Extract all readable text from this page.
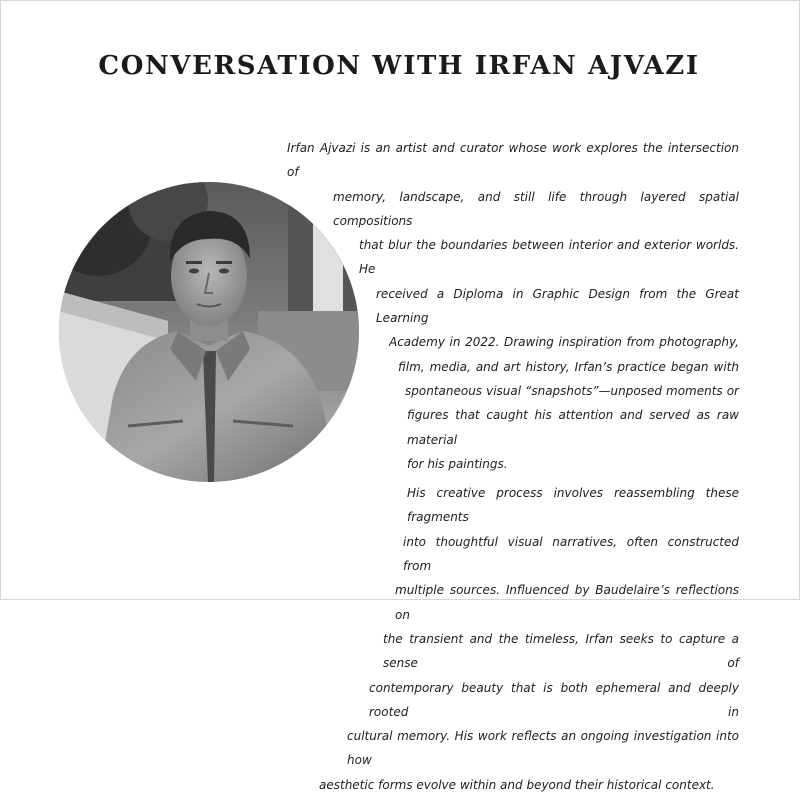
CONVERSATION WITH IRFAN AJVAZI

Irfan Ajvazi is an artist and curator whose work explores the intersection of
memory, landscape, and still life through layered spatial compositions
that blur the boundaries between interior and exterior worlds. He
received a Diploma in Graphic Design from the Great Learning
Academy in 2022. Drawing inspiration from photography,
film, media, and art history, Irfan’s practice began with
spontaneous visual “snapshots”—unposed moments or
figures that caught his attention and served as raw material
for his paintings.

His creative process involves reassembling these fragments
into thoughtful visual narratives, often constructed from
multiple sources. Influenced by Baudelaire’s reflections on
the transient and the timeless, Irfan seeks to capture a sense of
contemporary beauty that is both ephemeral and deeply rooted in
cultural memory. His work reflects an ongoing investigation into how
aesthetic forms evolve within and beyond their historical context.
